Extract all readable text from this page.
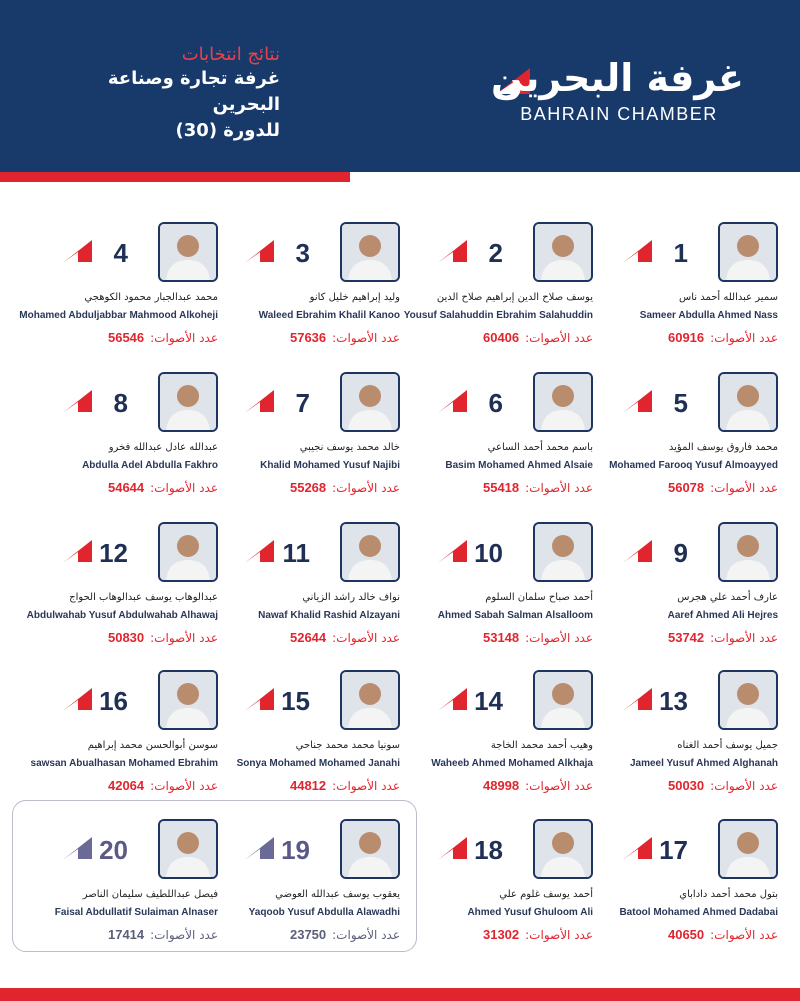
نتائج انتخابات
غرفة تجارة وصناعة البحرين
للدورة (30)
غرفة البحرين
BAHRAIN CHAMBER
1
سمير عبدالله أحمد ناس
Sameer Abdulla Ahmed Nass
عدد الأصوات:60916
2
يوسف صلاح الدين إبراهيم صلاح الدين
Yousuf Salahuddin Ebrahim Salahuddin
عدد الأصوات:60406
3
وليد إبراهيم خليل كانو
Waleed Ebrahim Khalil Kanoo
عدد الأصوات:57636
4
محمد عبدالجبار محمود الكوهجي
Mohamed Abduljabbar Mahmood Alkoheji
عدد الأصوات:56546
5
محمد فاروق يوسف المؤيد
Mohamed Farooq Yusuf Almoayyed
عدد الأصوات:56078
6
باسم محمد أحمد الساعي
Basim Mohamed Ahmed Alsaie
عدد الأصوات:55418
7
خالد محمد يوسف نجيبي
Khalid Mohamed Yusuf Najibi
عدد الأصوات:55268
8
عبدالله عادل عبدالله فخرو
Abdulla Adel Abdulla Fakhro
عدد الأصوات:54644
9
عارف أحمد علي هجرس
Aaref Ahmed Ali Hejres
عدد الأصوات:53742
10
أحمد صباح سلمان السلوم
Ahmed Sabah Salman Alsalloom
عدد الأصوات:53148
11
نواف خالد راشد الزياني
Nawaf Khalid Rashid Alzayani
عدد الأصوات:52644
12
عبدالوهاب يوسف عبدالوهاب الحواج
Abdulwahab Yusuf Abdulwahab Alhawaj
عدد الأصوات:50830
13
جميل يوسف أحمد الغناه
Jameel Yusuf Ahmed Alghanah
عدد الأصوات:50030
14
وهيب أحمد محمد الخاجة
Waheeb Ahmed Mohamed Alkhaja
عدد الأصوات:48998
15
سونيا محمد محمد جناحي
Sonya Mohamed Mohamed Janahi
عدد الأصوات:44812
16
سوسن أبوالحسن محمد إبراهيم
sawsan Abualhasan Mohamed Ebrahim
عدد الأصوات:42064
17
بتول محمد أحمد داداباي
Batool Mohamed Ahmed Dadabai
عدد الأصوات:40650
18
أحمد يوسف غلوم علي
Ahmed Yusuf Ghuloom Ali
عدد الأصوات:31302
19
يعقوب يوسف عبدالله العوضي
Yaqoob Yusuf Abdulla Alawadhi
عدد الأصوات:23750
20
فيصل عبداللطيف سليمان الناصر
Faisal Abdullatif Sulaiman Alnaser
عدد الأصوات:17414
